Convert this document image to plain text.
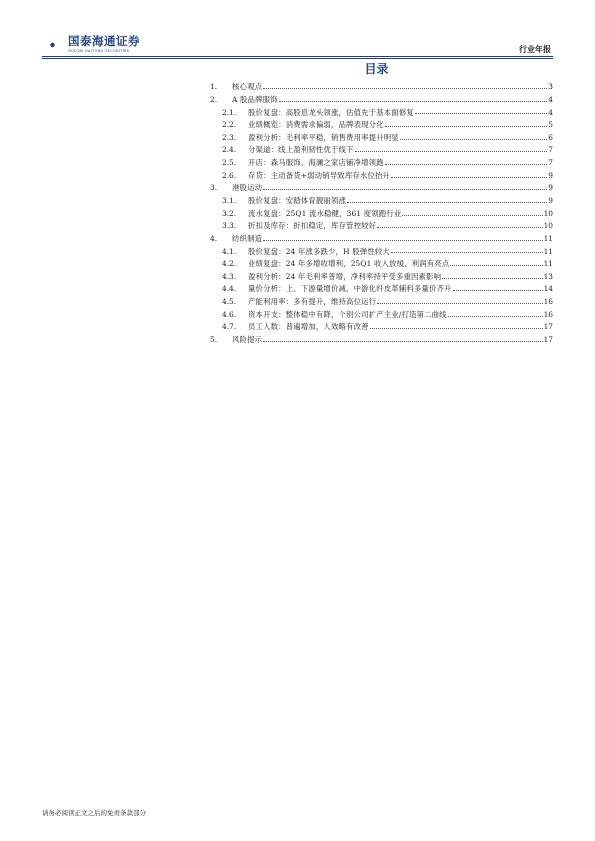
国泰海通证券
GUOTAI HAITONG SECURITIES	行业年报
目录
1.	核心观点	3
2.	A 股品牌服饰	4
2.1.	股价复盘：高股息龙头领涨，估值先于基本面修复	4
2.2.	业绩概览：消费需求偏弱，品牌表现分化	5
2.3.	盈利分析：毛利率平稳，销售费用率提升明显	6
2.4.	分渠道：线上盈利韧性优于线下	7
2.5.	开店：森马服饰、海澜之家店铺净增领跑	7
2.6.	存货：主动备货+弱动销导致库存水位抬升	9
3.	港股运动	9
3.1.	股价复盘：安踏体育靓丽领涨	9
3.2.	流水复盘：25Q1 流水稳健，361 度领跑行业	10
3.3.	折扣及库存：折扣稳定，库存管控较好	10
4.	纺织制造	11
4.1.	股价复盘：24 年涨多跌少，H 股弹性较大	11
4.2.	业绩复盘：24 年多增收增利，25Q1 收入放缓、利润有亮点	11
4.3.	盈利分析：24 年毛利率普增，净利率持平受多重因素影响	13
4.4.	量价分析：上、下游量增价减，中游化纤皮革辅料多量价齐升	14
4.5.	产能利用率：多有提升，维持高位运行	16
4.6.	资本开支：整体稳中有降，个别公司扩产主业/打造第二曲线	16
4.7.	员工人数：普遍增加，人效略有改善	17
5.	风险提示	17
请务必阅读正文之后的免责条款部分
